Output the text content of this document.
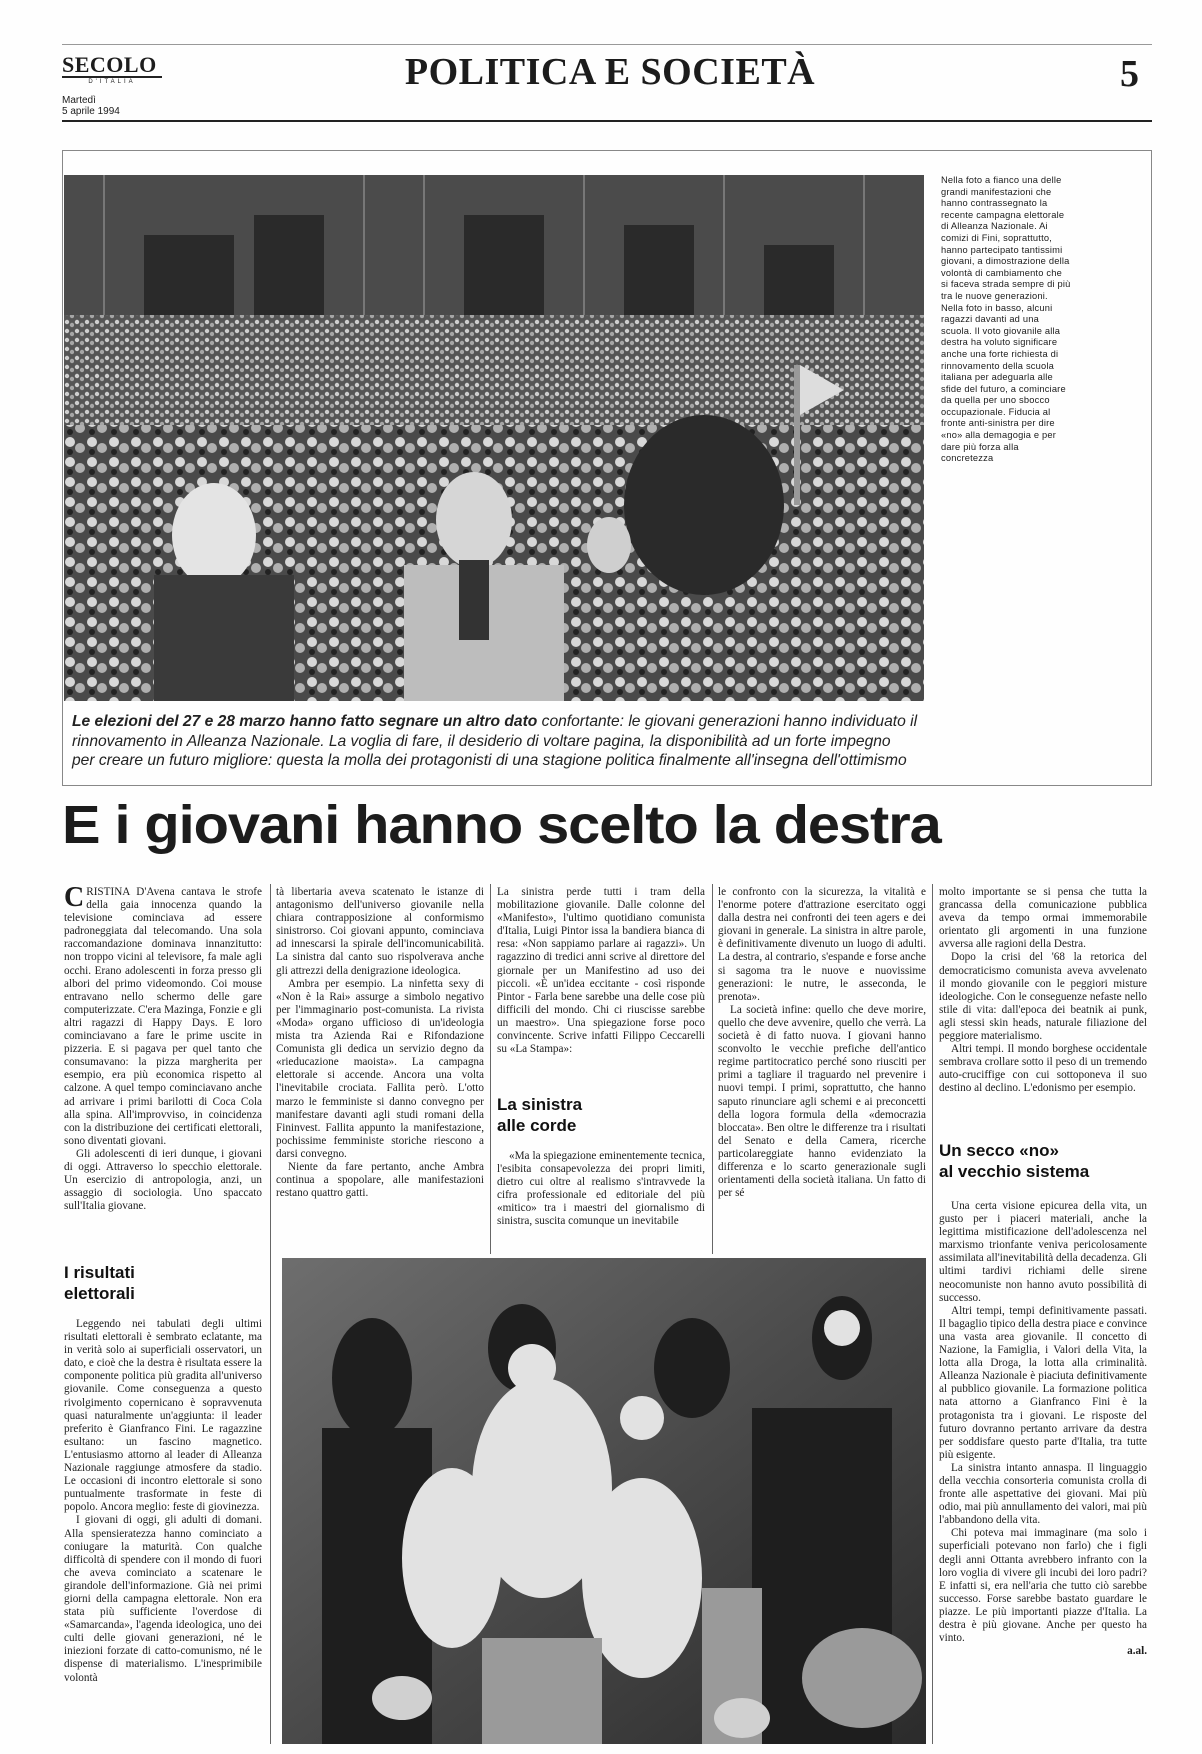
SECOLO
D'ITALIA
Martedì
5 aprile 1994
POLITICA E SOCIETÀ	5
Nella foto a fianco una delle grandi manifestazioni che hanno contrassegnato la recente campagna elettorale di Alleanza Nazionale. Ai comizi di Fini, soprattutto, hanno partecipato tantissimi giovani, a dimostrazione della volontà di cambiamento che si faceva strada sempre di più tra le nuove generazioni. Nella foto in basso, alcuni ragazzi davanti ad una scuola. Il voto giovanile alla destra ha voluto significare anche una forte richiesta di rinnovamento della scuola italiana per adeguarla alle sfide del futuro, a cominciare da quella per uno sbocco occupazionale. Fiducia al fronte anti-sinistra per dire «no» alla demagogia e per dare più forza alla concretezza
Le elezioni del 27 e 28 marzo hanno fatto segnare un altro dato confortante: le giovani generazioni hanno individuato il
rinnovamento in Alleanza Nazionale. La voglia di fare, il desiderio di voltare pagina, la disponibilità ad un forte impegno
per creare un futuro migliore: questa la molla dei protagonisti di una stagione politica finalmente all'insegna dell'ottimismo
E i giovani hanno scelto la destra

CRISTINA D'Avena cantava le strofe della gaia innocenza quando la televisione cominciava ad essere padroneggiata dal telecomando. Una sola raccomandazione dominava innanzitutto: non troppo vicini al televisore, fa male agli occhi. Erano adolescenti in forza presso gli albori del primo videomondo. Coi mouse entravano nello schermo delle gare computerizzate. C'era Mazinga, Fonzie e gli altri ragazzi di Happy Days. E loro cominciavano a fare le prime uscite in pizzeria. E si pagava per quel tanto che consumavano: la pizza margherita per esempio, era più economica rispetto al calzone. A quel tempo cominciavano anche ad arrivare i primi barilotti di Coca Cola alla spina. All'improvviso, in coincidenza con la distribuzione dei certificati elettorali, sono diventati giovani.

Gli adolescenti di ieri dunque, i giovani di oggi. Attraverso lo specchio elettorale. Un esercizio di antropologia, anzi, un assaggio di sociologia. Uno spaccato sull'Italia giovane.

I risultati
elettorali

Leggendo nei tabulati degli ultimi risultati elettorali è sembrato eclatante, ma in verità solo ai superficiali osservatori, un dato, e cioè che la destra è risultata essere la componente politica più gradita all'universo giovanile. Come conseguenza a questo rivolgimento copernicano è sopravvenuta quasi naturalmente un'aggiunta: il leader preferito è Gianfranco Fini. Le ragazzine esultano: un fascino magnetico. L'entusiasmo attorno al leader di Alleanza Nazionale raggiunge atmosfere da stadio. Le occasioni di incontro elettorale si sono puntualmente trasformate in feste di popolo. Ancora meglio: feste di giovinezza.

I giovani di oggi, gli adulti di domani. Alla spensieratezza hanno cominciato a coniugare la maturità. Con qualche difficoltà di spendere con il mondo di fuori che aveva cominciato a scatenare le girandole dell'informazione. Già nei primi giorni della campagna elettorale. Non era stata più sufficiente l'overdose di «Samarcanda», l'agenda ideologica, uno dei culti delle giovani generazioni, né le iniezioni forzate di catto-comunismo, né le dispense di materialismo. L'inesprimibile volontà

tà libertaria aveva scatenato le istanze di antagonismo dell'universo giovanile nella chiara contrapposizione al conformismo sinistrorso. Coi giovani appunto, cominciava ad innescarsi la spirale dell'incomunicabilità. La sinistra dal canto suo rispolverava anche gli attrezzi della denigrazione ideologica.

Ambra per esempio. La ninfetta sexy di «Non è la Rai» assurge a simbolo negativo per l'immaginario post-comunista. La rivista «Moda» organo ufficioso di un'ideologia mista tra Azienda Rai e Rifondazione Comunista gli dedica un servizio degno da «rieducazione maoista». La campagna elettorale si accende. Ancora una volta l'inevitabile crociata. Fallita però. L'otto marzo le femministe si danno convegno per manifestare davanti agli studi romani della Fininvest. Fallita appunto la manifestazione, pochissime femministe storiche riescono a darsi convegno.

Niente da fare pertanto, anche Ambra continua a spopolare, alle manifestazioni restano quattro gatti.

La sinistra perde tutti i tram della mobilitazione giovanile. Dalle colonne del «Manifesto», l'ultimo quotidiano comunista d'Italia, Luigi Pintor issa la bandiera bianca di resa: «Non sappiamo parlare ai ragazzi». Un ragazzino di tredici anni scrive al direttore del giornale per un Manifestino ad uso dei piccoli. «È un'idea eccitante - così risponde Pintor - Farla bene sarebbe una delle cose più difficili del mondo. Chi ci riuscisse sarebbe un maestro». Una spiegazione forse poco convincente. Scrive infatti Filippo Ceccarelli su «La Stampa»:

La sinistra
alle corde

«Ma la spiegazione eminentemente tecnica, l'esibita consapevolezza dei propri limiti, dietro cui oltre al realismo s'intravvede la cifra professionale ed editoriale del più «mitico» tra i maestri del giornalismo di sinistra, suscita comunque un inevitabile

le confronto con la sicurezza, la vitalità e l'enorme potere d'attrazione esercitato oggi dalla destra nei confronti dei teen agers e dei giovani in generale. La sinistra in altre parole, è definitivamente divenuto un luogo di adulti. La destra, al contrario, s'espande e forse anche si sagoma tra le nuove e nuovissime generazioni: le nutre, le asseconda, le prenota».

La società infine: quello che deve morire, quello che deve avvenire, quello che verrà. La società è di fatto nuova. I giovani hanno sconvolto le vecchie prefiche dell'antico regime partitocratico perché sono riusciti per primi a tagliare il traguardo nel prevenire i nuovi tempi. I primi, soprattutto, che hanno saputo rinunciare agli schemi e ai preconcetti della logora formula della «democrazia bloccata». Ben oltre le differenze tra i risultati del Senato e della Camera, ricerche particolareggiate hanno evidenziato la differenza e lo scarto generazionale sugli orientamenti della società italiana. Un fatto di per sé

molto importante se si pensa che tutta la grancassa della comunicazione pubblica aveva da tempo ormai immemorabile orientato gli argomenti in una funzione avversa alle ragioni della Destra.

Dopo la crisi del '68 la retorica del democraticismo comunista aveva avvelenato il mondo giovanile con le peggiori misture ideologiche. Con le conseguenze nefaste nello stile di vita: dall'epoca dei beatnik ai punk, agli stessi skin heads, naturale filiazione del peggiore materialismo.

Altri tempi. Il mondo borghese occidentale sembrava crollare sotto il peso di un tremendo auto-cruciffige con cui sottoponeva il suo destino al declino. L'edonismo per esempio.

Un secco «no»
al vecchio sistema

Una certa visione epicurea della vita, un gusto per i piaceri materiali, anche la legittima mistificazione dell'adolescenza nel marxismo trionfante veniva pericolosamente assimilata all'inevitabilità della decadenza. Gli ultimi tardivi richiami delle sirene neocomuniste non hanno avuto possibilità di successo.

Altri tempi, tempi definitivamente passati. Il bagaglio tipico della destra piace e convince una vasta area giovanile. Il concetto di Nazione, la Famiglia, i Valori della Vita, la lotta alla Droga, la lotta alla criminalità. Alleanza Nazionale è piaciuta definitivamente al pubblico giovanile. La formazione politica nata attorno a Gianfranco Fini è la protagonista tra i giovani. Le risposte del futuro dovranno pertanto arrivare da destra per soddisfare questo parte d'Italia, tra tutte più esigente.

La sinistra intanto annaspa. Il linguaggio della vecchia consorteria comunista crolla di fronte alle aspettative dei giovani. Mai più odio, mai più annullamento dei valori, mai più l'abbandono della vita.

Chi poteva mai immaginare (ma solo i superficiali potevano non farlo) che i figli degli anni Ottanta avrebbero infranto con la loro voglia di vivere gli incubi dei loro padri? E infatti si, era nell'aria che tutto ciò sarebbe successo. Forse sarebbe bastato guardare le piazze. Le più importanti piazze d'Italia. La destra è più giovane. Anche per questo ha vinto.

a.al.
